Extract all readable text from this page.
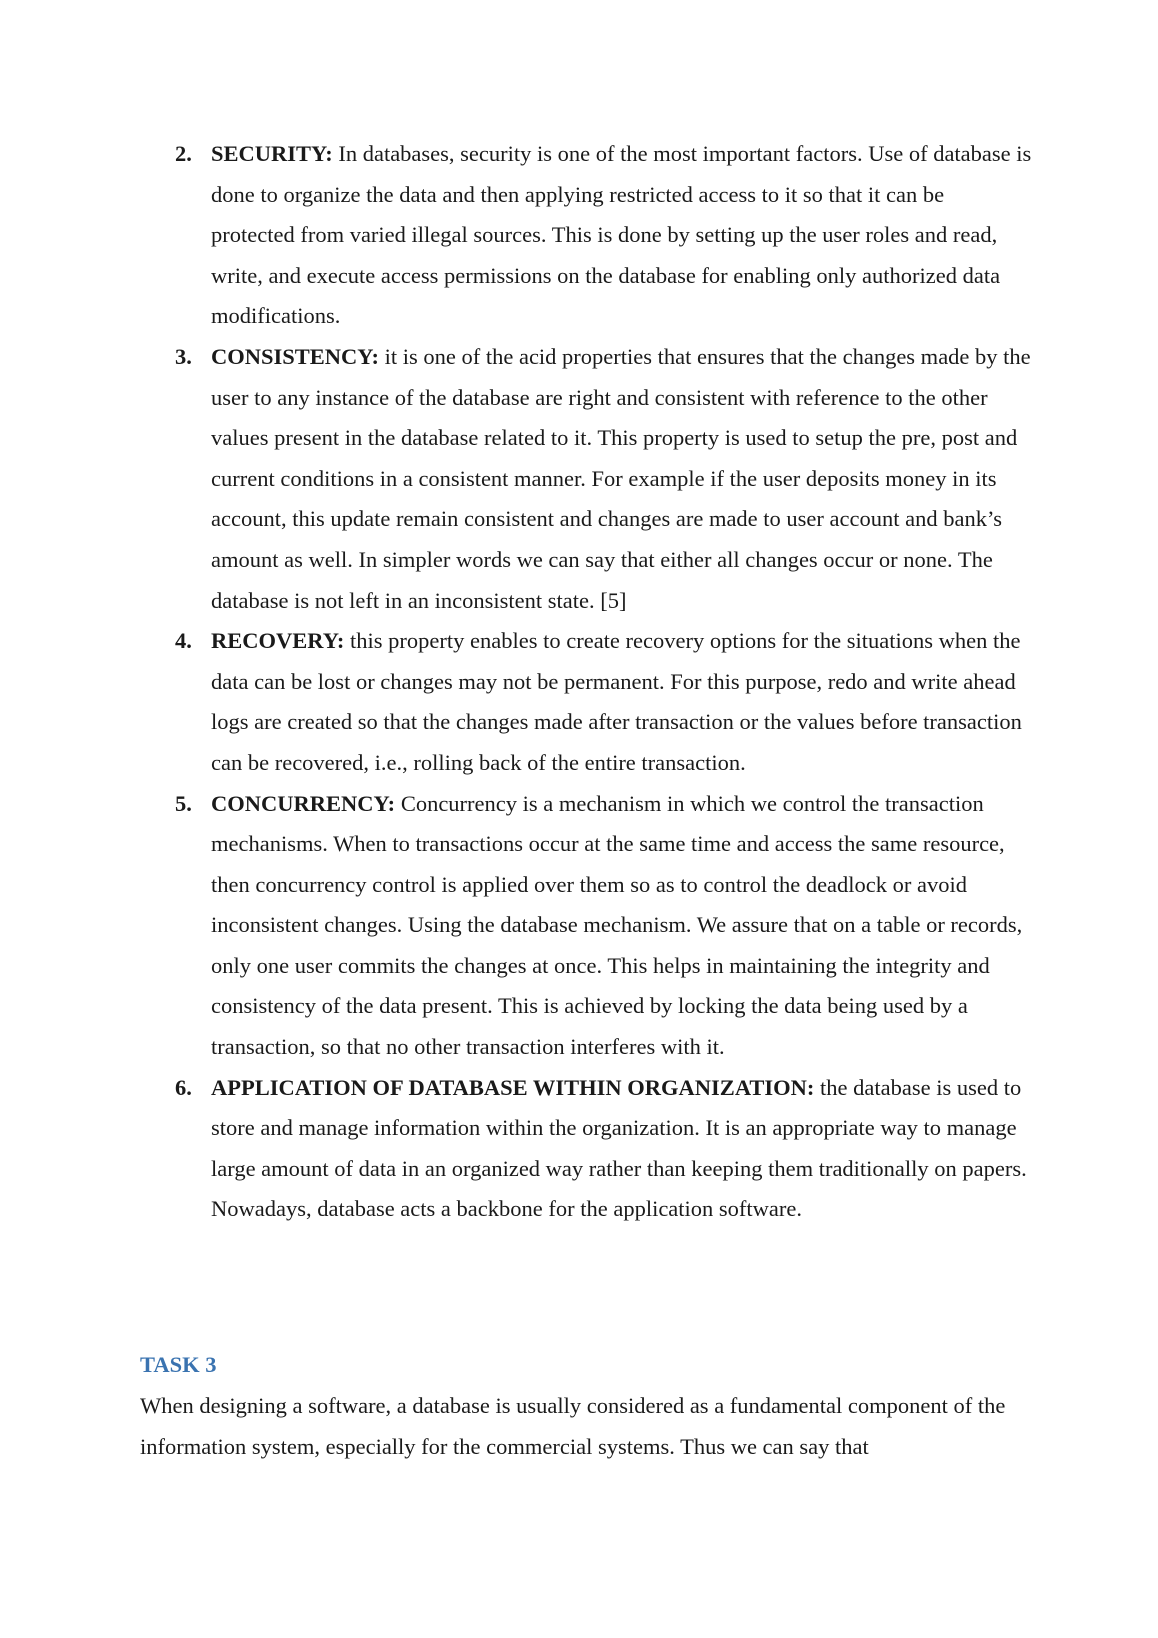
2. SECURITY: In databases, security is one of the most important factors. Use of database is done to organize the data and then applying restricted access to it so that it can be protected from varied illegal sources. This is done by setting up the user roles and read, write, and execute access permissions on the database for enabling only authorized data modifications.
3. CONSISTENCY: it is one of the acid properties that ensures that the changes made by the user to any instance of the database are right and consistent with reference to the other values present in the database related to it. This property is used to setup the pre, post and current conditions in a consistent manner. For example if the user deposits money in its account, this update remain consistent and changes are made to user account and bank’s amount as well. In simpler words we can say that either all changes occur or none. The database is not left in an inconsistent state. [5]
4. RECOVERY: this property enables to create recovery options for the situations when the data can be lost or changes may not be permanent. For this purpose, redo and write ahead logs are created so that the changes made after transaction or the values before transaction can be recovered, i.e., rolling back of the entire transaction.
5. CONCURRENCY: Concurrency is a mechanism in which we control the transaction mechanisms. When to transactions occur at the same time and access the same resource, then concurrency control is applied over them so as to control the deadlock or avoid inconsistent changes. Using the database mechanism. We assure that on a table or records, only one user commits the changes at once. This helps in maintaining the integrity and consistency of the data present. This is achieved by locking the data being used by a transaction, so that no other transaction interferes with it.
6. APPLICATION OF DATABASE WITHIN ORGANIZATION: the database is used to store and manage information within the organization. It is an appropriate way to manage large amount of data in an organized way rather than keeping them traditionally on papers. Nowadays, database acts a backbone for the application software.
TASK 3

When designing a software, a database is usually considered as a fundamental component of the information system, especially for the commercial systems. Thus we can say that
